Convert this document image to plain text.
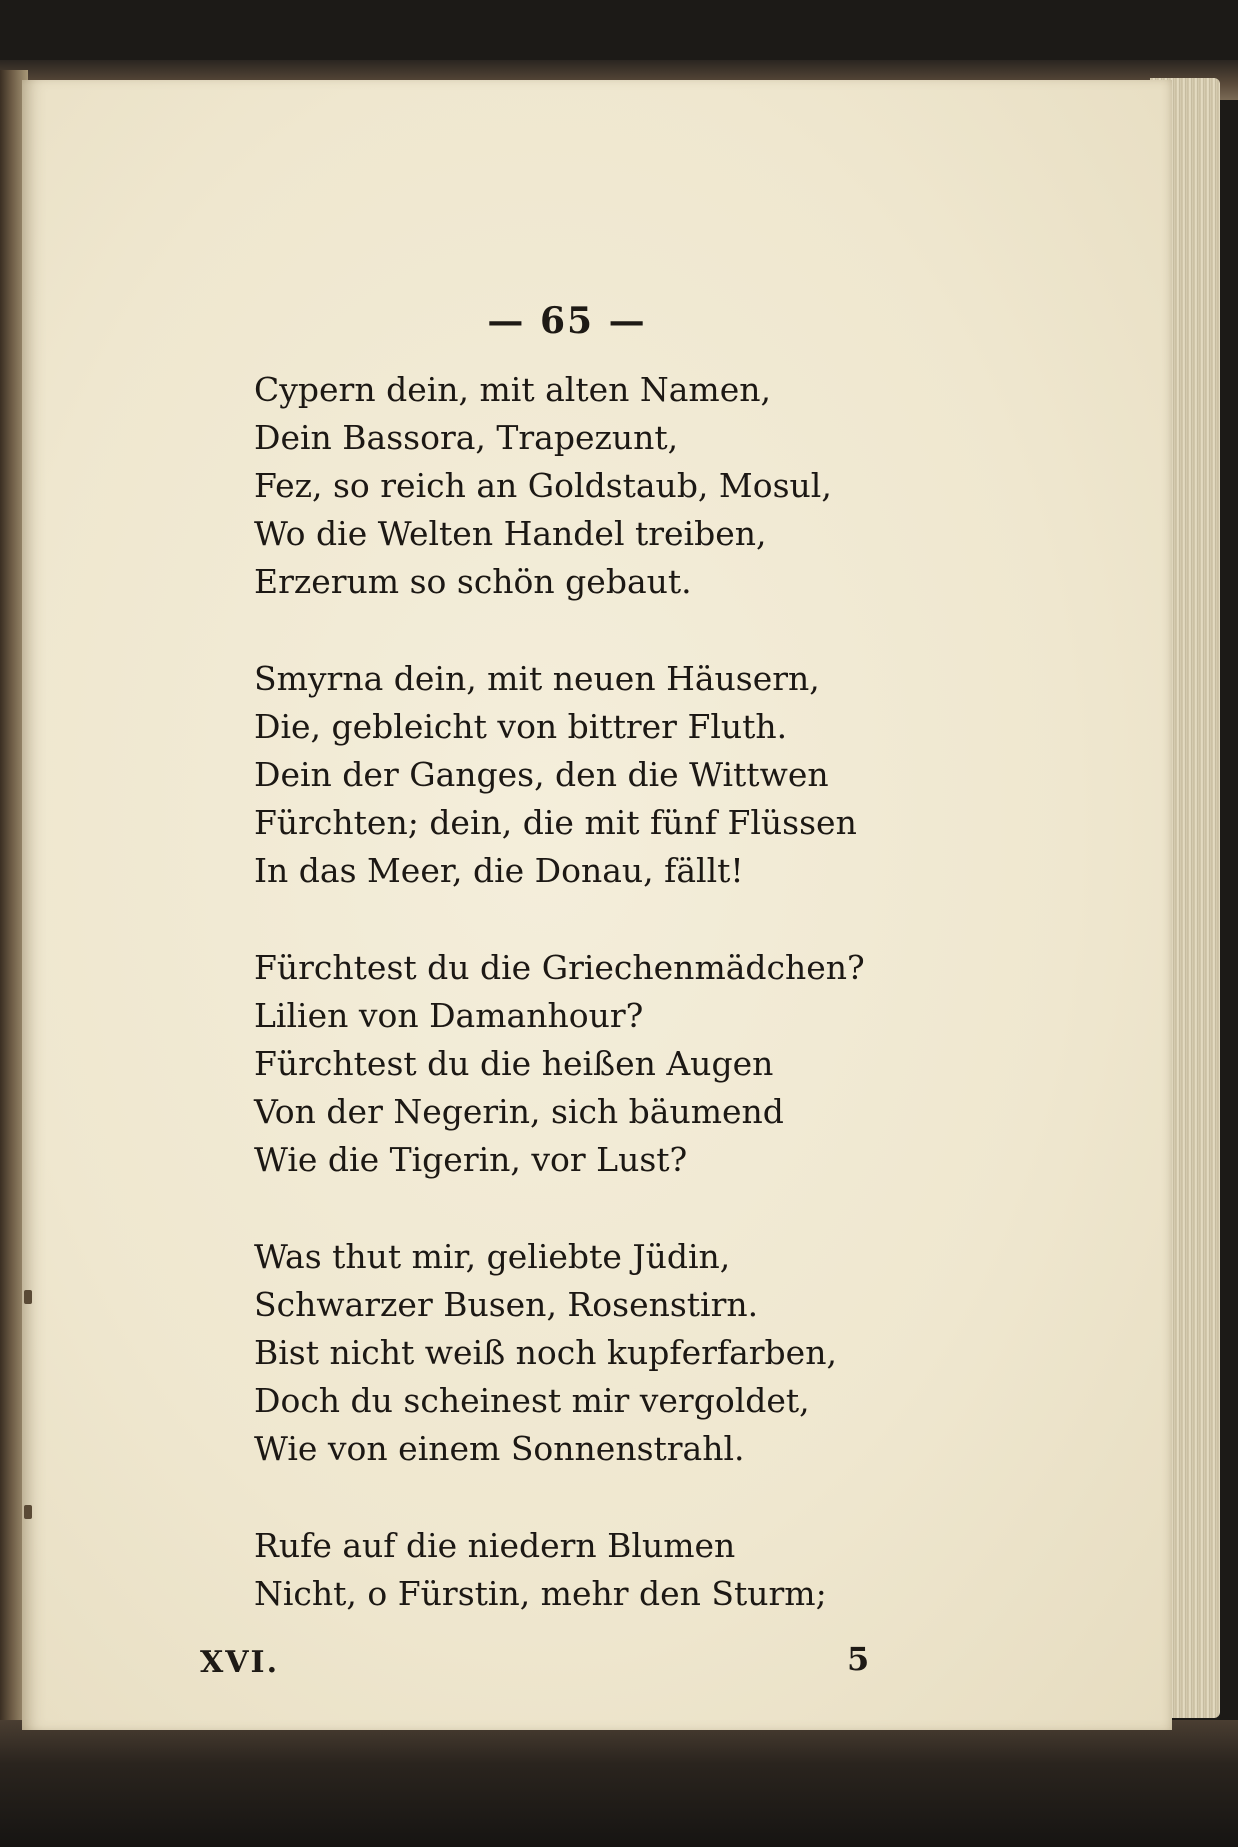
— 65 —
Cypern dein, mit alten Namen,
Dein Bassora, Trapezunt,
Fez, so reich an Goldstaub, Mosul,
Wo die Welten Handel treiben,
Erzerum so schön gebaut.
Smyrna dein, mit neuen Häusern,
Die, gebleicht von bittrer Fluth.
Dein der Ganges, den die Wittwen
Fürchten; dein, die mit fünf Flüssen
In das Meer, die Donau, fällt!
Fürchtest du die Griechenmädchen?
Lilien von Damanhour?
Fürchtest du die heißen Augen
Von der Negerin, sich bäumend
Wie die Tigerin, vor Lust?
Was thut mir, geliebte Jüdin,
Schwarzer Busen, Rosenstirn.
Bist nicht weiß noch kupferfarben,
Doch du scheinest mir vergoldet,
Wie von einem Sonnenstrahl.
Rufe auf die niedern Blumen
Nicht, o Fürstin, mehr den Sturm;
XVI.	5
